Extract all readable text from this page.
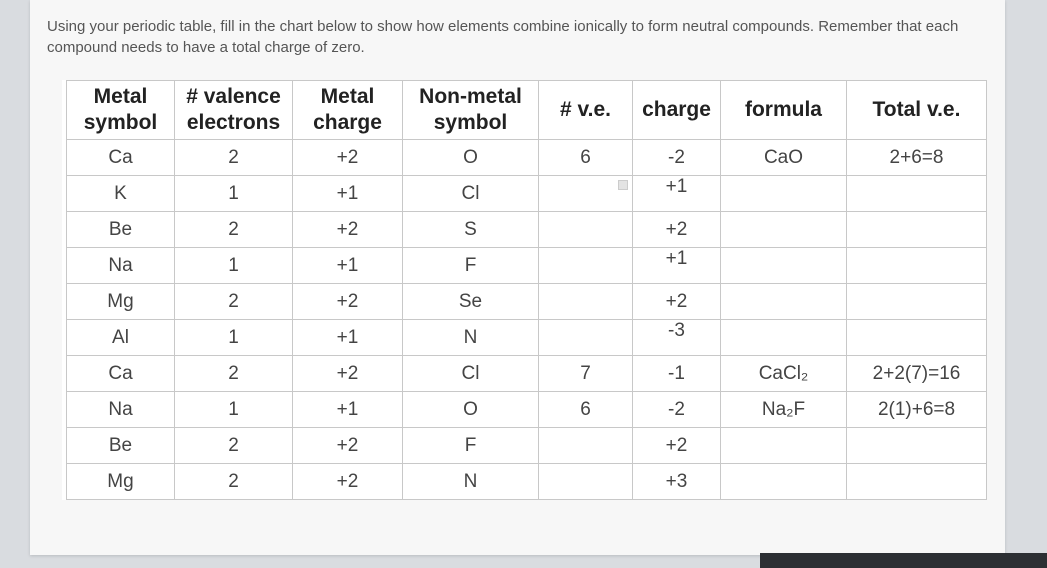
Using your periodic table, fill in the chart below to show how elements combine ionically to form neutral compounds. Remember that each compound needs to have a total charge of zero.
Metal symbol	# valence electrons	Metal charge	Non-metal symbol	# v.e.	charge	formula	Total v.e.
Ca	2	+2	O	6	-2	CaO	2+6=8
K	1	+1	Cl		+1		
Be	2	+2	S		+2		
Na	1	+1	F		+1		
Mg	2	+2	Se		+2		
Al	1	+1	N		-3		
Ca	2	+2	Cl	7	-1	CaCl₂	2+2(7)=16
Na	1	+1	O	6	-2	Na₂F	2(1)+6=8
Be	2	+2	F		+2		
Mg	2	+2	N		+3		
